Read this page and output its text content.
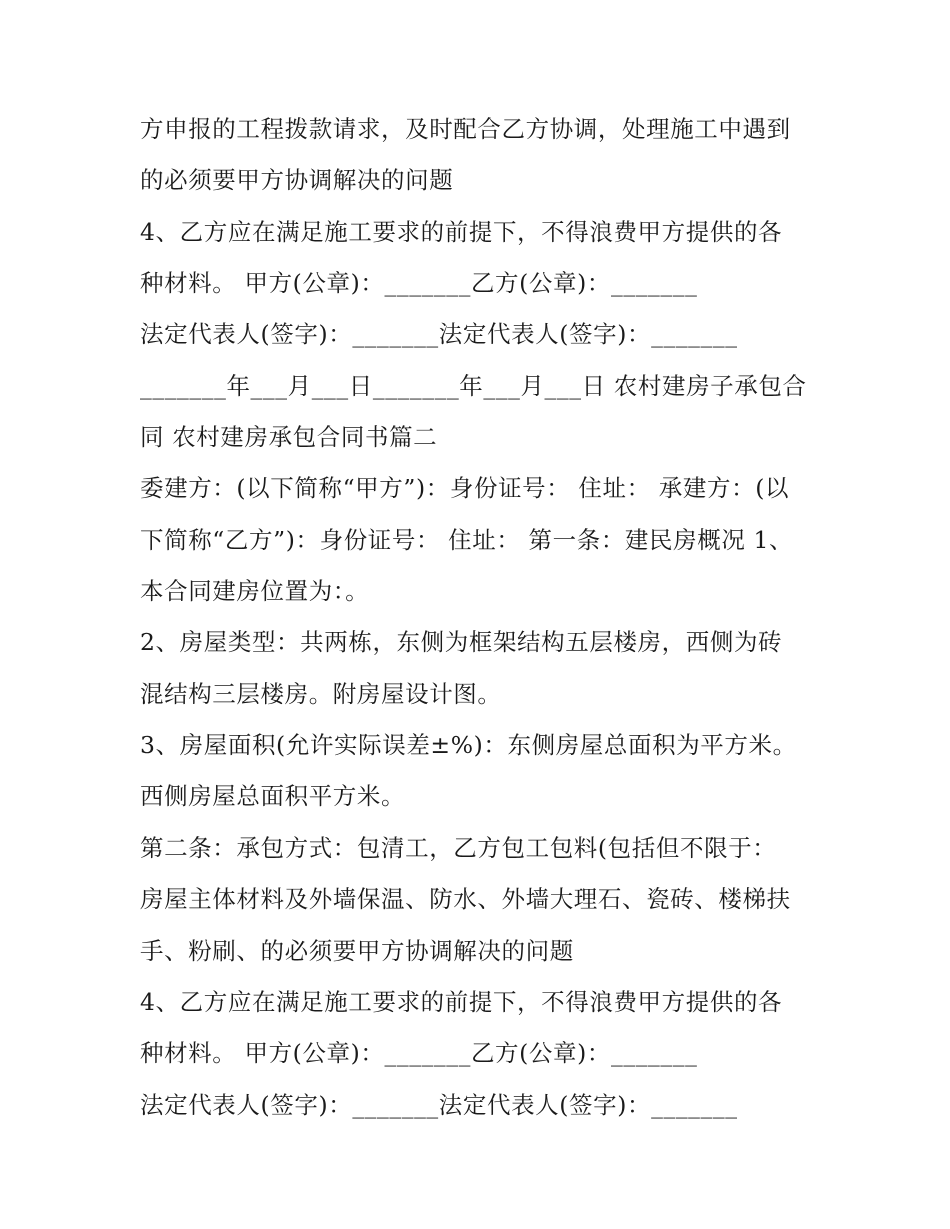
方申报的工程拨款请求，及时配合乙方协调，处理施工中遇到
的必须要甲方协调解决的问题
4、乙方应在满足施工要求的前提下，不得浪费甲方提供的各
种材料。 甲方(公章)：_______乙方(公章)：_______
法定代表人(签字)：_______法定代表人(签字)：_______
_______年___月___日_______年___月___日 农村建房子承包合
同 农村建房承包合同书篇二
委建方：(以下简称“甲方”)：身份证号： 住址： 承建方：(以
下简称“乙方”)：身份证号： 住址： 第一条：建民房概况 1、
本合同建房位置为：。
2、房屋类型：共两栋，东侧为框架结构五层楼房，西侧为砖
混结构三层楼房。附房屋设计图。
3、房屋面积(允许实际误差±%)：东侧房屋总面积为平方米。
西侧房屋总面积平方米。
第二条：承包方式：包清工，乙方包工包料(包括但不限于：
房屋主体材料及外墙保温、防水、外墙大理石、瓷砖、楼梯扶
手、粉刷、的必须要甲方协调解决的问题
4、乙方应在满足施工要求的前提下，不得浪费甲方提供的各
种材料。 甲方(公章)：_______乙方(公章)：_______
法定代表人(签字)：_______法定代表人(签字)：_______
